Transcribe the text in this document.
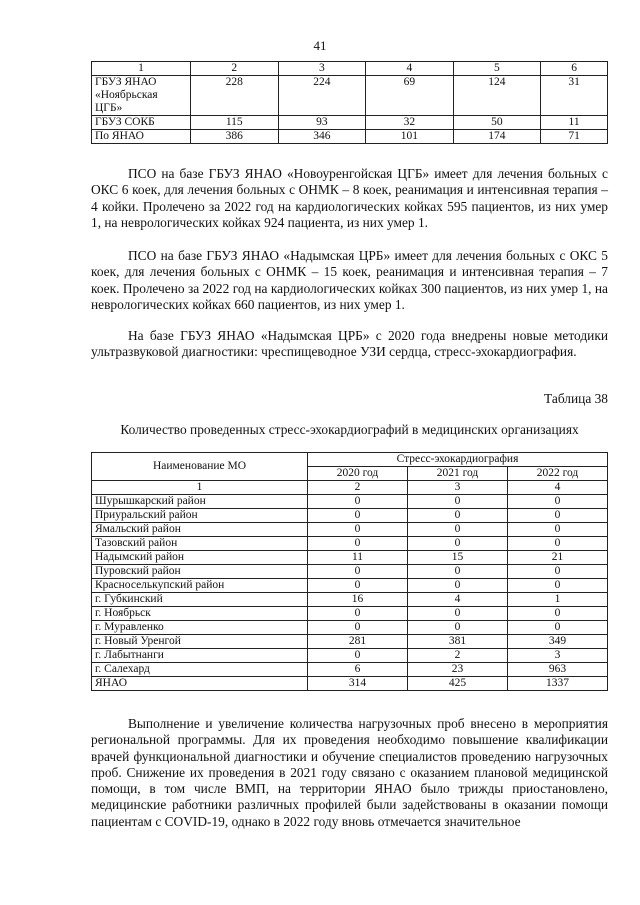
41
1	2	3	4	5	6
ГБУЗ ЯНАО «Ноябрьская ЦГБ»	228	224	69	124	31
ГБУЗ СОКБ	115	93	32	50	11
По ЯНАО	386	346	101	174	71

ПСО на базе ГБУЗ ЯНАО «Новоуренгойская ЦГБ» имеет для лечения больных с ОКС 6 коек, для лечения больных с ОНМК – 8 коек, реанимация и интенсивная терапия – 4 койки. Пролечено за 2022 год на кардиологических койках 595 пациентов, из них умер 1, на неврологических койках 924 пациента, из них умер 1.

ПСО на базе ГБУЗ ЯНАО «Надымская ЦРБ» имеет для лечения больных с ОКС 5 коек, для лечения больных с ОНМК – 15 коек, реанимация и интенсивная терапия – 7 коек. Пролечено за 2022 год на кардиологических койках 300 пациентов, из них умер 1, на неврологических койках 660 пациентов, из них умер 1.

На базе ГБУЗ ЯНАО «Надымская ЦРБ» с 2020 года внедрены новые методики ультразвуковой диагностики: чреспищеводное УЗИ сердца, стресс-эхокардиография.

Таблица 38
Количество проведенных стресс-эхокардиографий в медицинских организациях
Наименование МО	Стресс-эхокардиография		
	2020 год	2021 год	2022 год
1	2	3	4
Шурышкарский район	0	0	0
Приуральский район	0	0	0
Ямальский район	0	0	0
Тазовский район	0	0	0
Надымский район	11	15	21
Пуровский район	0	0	0
Красноселькупский район	0	0	0
г. Губкинский	16	4	1
г. Ноябрьск	0	0	0
г. Муравленко	0	0	0
г. Новый Уренгой	281	381	349
г. Лабытнанги	0	2	3
г. Салехард	6	23	963
ЯНАО	314	425	1337

Выполнение и увеличение количества нагрузочных проб внесено в мероприятия региональной программы. Для их проведения необходимо повышение квалификации врачей функциональной диагностики и обучение специалистов проведению нагрузочных проб. Снижение их проведения в 2021 году связано с оказанием плановой медицинской помощи, в том числе ВМП, на территории ЯНАО было трижды приостановлено, медицинские работники различных профилей были задействованы в оказании помощи пациентам с COVID-19, однако в 2022 году вновь отмечается значительное
